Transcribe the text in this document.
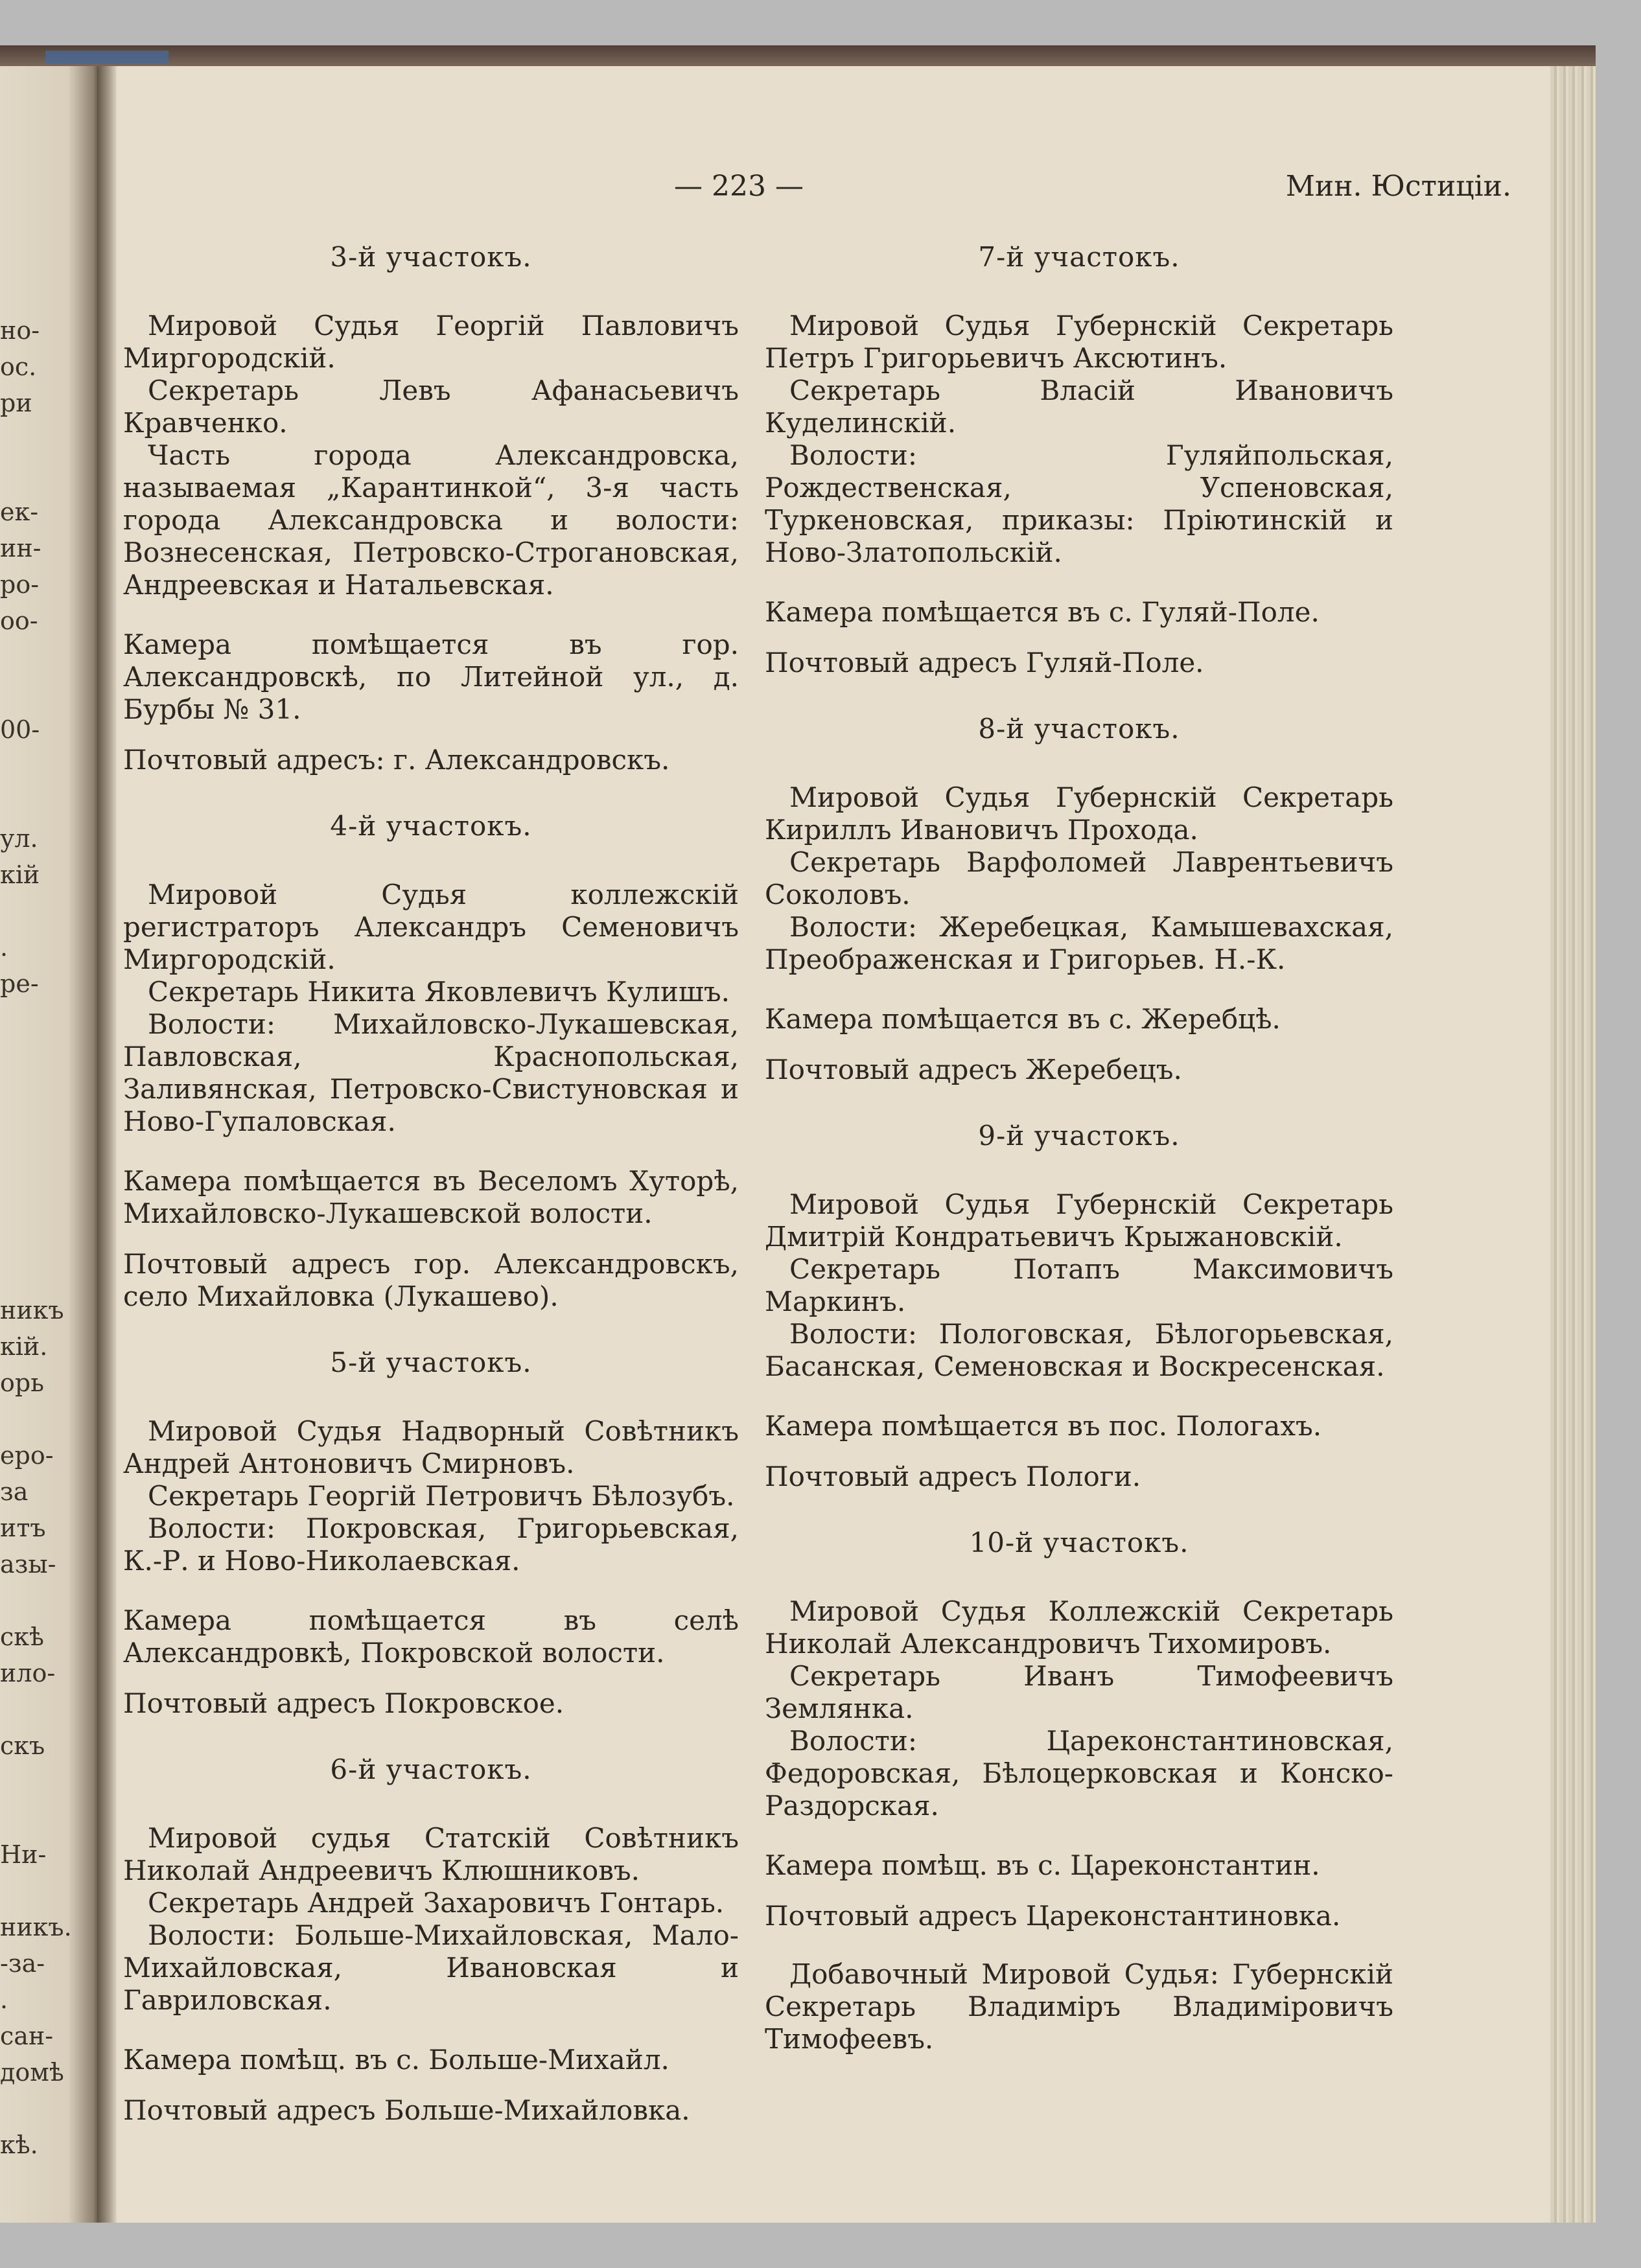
но-
ос.
ри
ек-
ин-
ро-
оо-
00-
ул.
кій
.
ре-
никъ
кій.
орь
еро-
за
итъ
азы-
скѣ
ило-
скъ
Ни-
никъ.
-за-
.
сан-
домѣ
кѣ.
— 223 —	Мин. Юстиціи.
3-й участокъ.

Мировой Судья Георгій Павловичъ Миргородскій.

Секретарь Левъ Афанасьевичъ Кравченко.

Часть города Александровска, называемая „Карантинкой“, 3-я часть города Александровска и волости: Вознесенская, Петровско-Строгановская, Андреевская и Натальевская.

Камера помѣщается въ гор. Александровскѣ, по Литейной ул., д. Бурбы № 31.

Почтовый адресъ: г. Александровскъ.

4-й участокъ.

Мировой Судья коллежскій регистраторъ Александръ Семеновичъ Миргородскій.

Секретарь Никита Яковлевичъ Кулишъ.

Волости: Михайловско-Лукашевская, Павловская, Краснопольская, Заливянская, Петровско-Свистуновская и Ново-Гупаловская.

Камера помѣщается въ Веселомъ Хуторѣ, Михайловско-Лукашевской волости.

Почтовый адресъ гор. Александровскъ, село Михайловка (Лукашево).

5-й участокъ.

Мировой Судья Надворный Совѣтникъ Андрей Антоновичъ Смирновъ.

Секретарь Георгій Петровичъ Бѣлозубъ.

Волости: Покровская, Григорьевская, К.-Р. и Ново-Николаевская.

Камера помѣщается въ селѣ Александровкѣ, Покровской волости.

Почтовый адресъ Покровское.

6-й участокъ.

Мировой судья Статскій Совѣтникъ Николай Андреевичъ Клюшниковъ.

Секретарь Андрей Захаровичъ Гонтарь.

Волости: Больше-Михайловская, Мало-Михайловская, Ивановская и Гавриловская.

Камера помѣщ. въ с. Больше-Михайл.

Почтовый адресъ Больше-Михайловка.

7-й участокъ.

Мировой Судья Губернскій Секретарь Петръ Григорьевичъ Аксютинъ.

Секретарь Власій Ивановичъ Куделинскій.

Волости: Гуляйпольская, Рождественская, Успеновская, Туркеновская, приказы: Пріютинскій и Ново-Златопольскій.

Камера помѣщается въ с. Гуляй-Поле.

Почтовый адресъ Гуляй-Поле.

8-й участокъ.

Мировой Судья Губернскій Секретарь Кириллъ Ивановичъ Прохода.

Секретарь Варфоломей Лаврентьевичъ Соколовъ.

Волости: Жеребецкая, Камышевахская, Преображенская и Григорьев. Н.-К.

Камера помѣщается въ с. Жеребцѣ.

Почтовый адресъ Жеребецъ.

9-й участокъ.

Мировой Судья Губернскій Секретарь Дмитрій Кондратьевичъ Крыжановскій.

Секретарь Потапъ Максимовичъ Маркинъ.

Волости: Пологовская, Бѣлогорьевская, Басанская, Семеновская и Воскресенская.

Камера помѣщается въ пос. Пологахъ.

Почтовый адресъ Пологи.

10-й участокъ.

Мировой Судья Коллежскій Секретарь Николай Александровичъ Тихомировъ.

Секретарь Иванъ Тимофеевичъ Землянка.

Волости: Цареконстантиновская, Федоровская, Бѣлоцерковская и Конско-Раздорская.

Камера помѣщ. въ с. Цареконстантин.

Почтовый адресъ Цареконстантиновка.

Добавочный Мировой Судья: Губернскій Секретарь Владиміръ Владиміровичъ Тимофеевъ.
